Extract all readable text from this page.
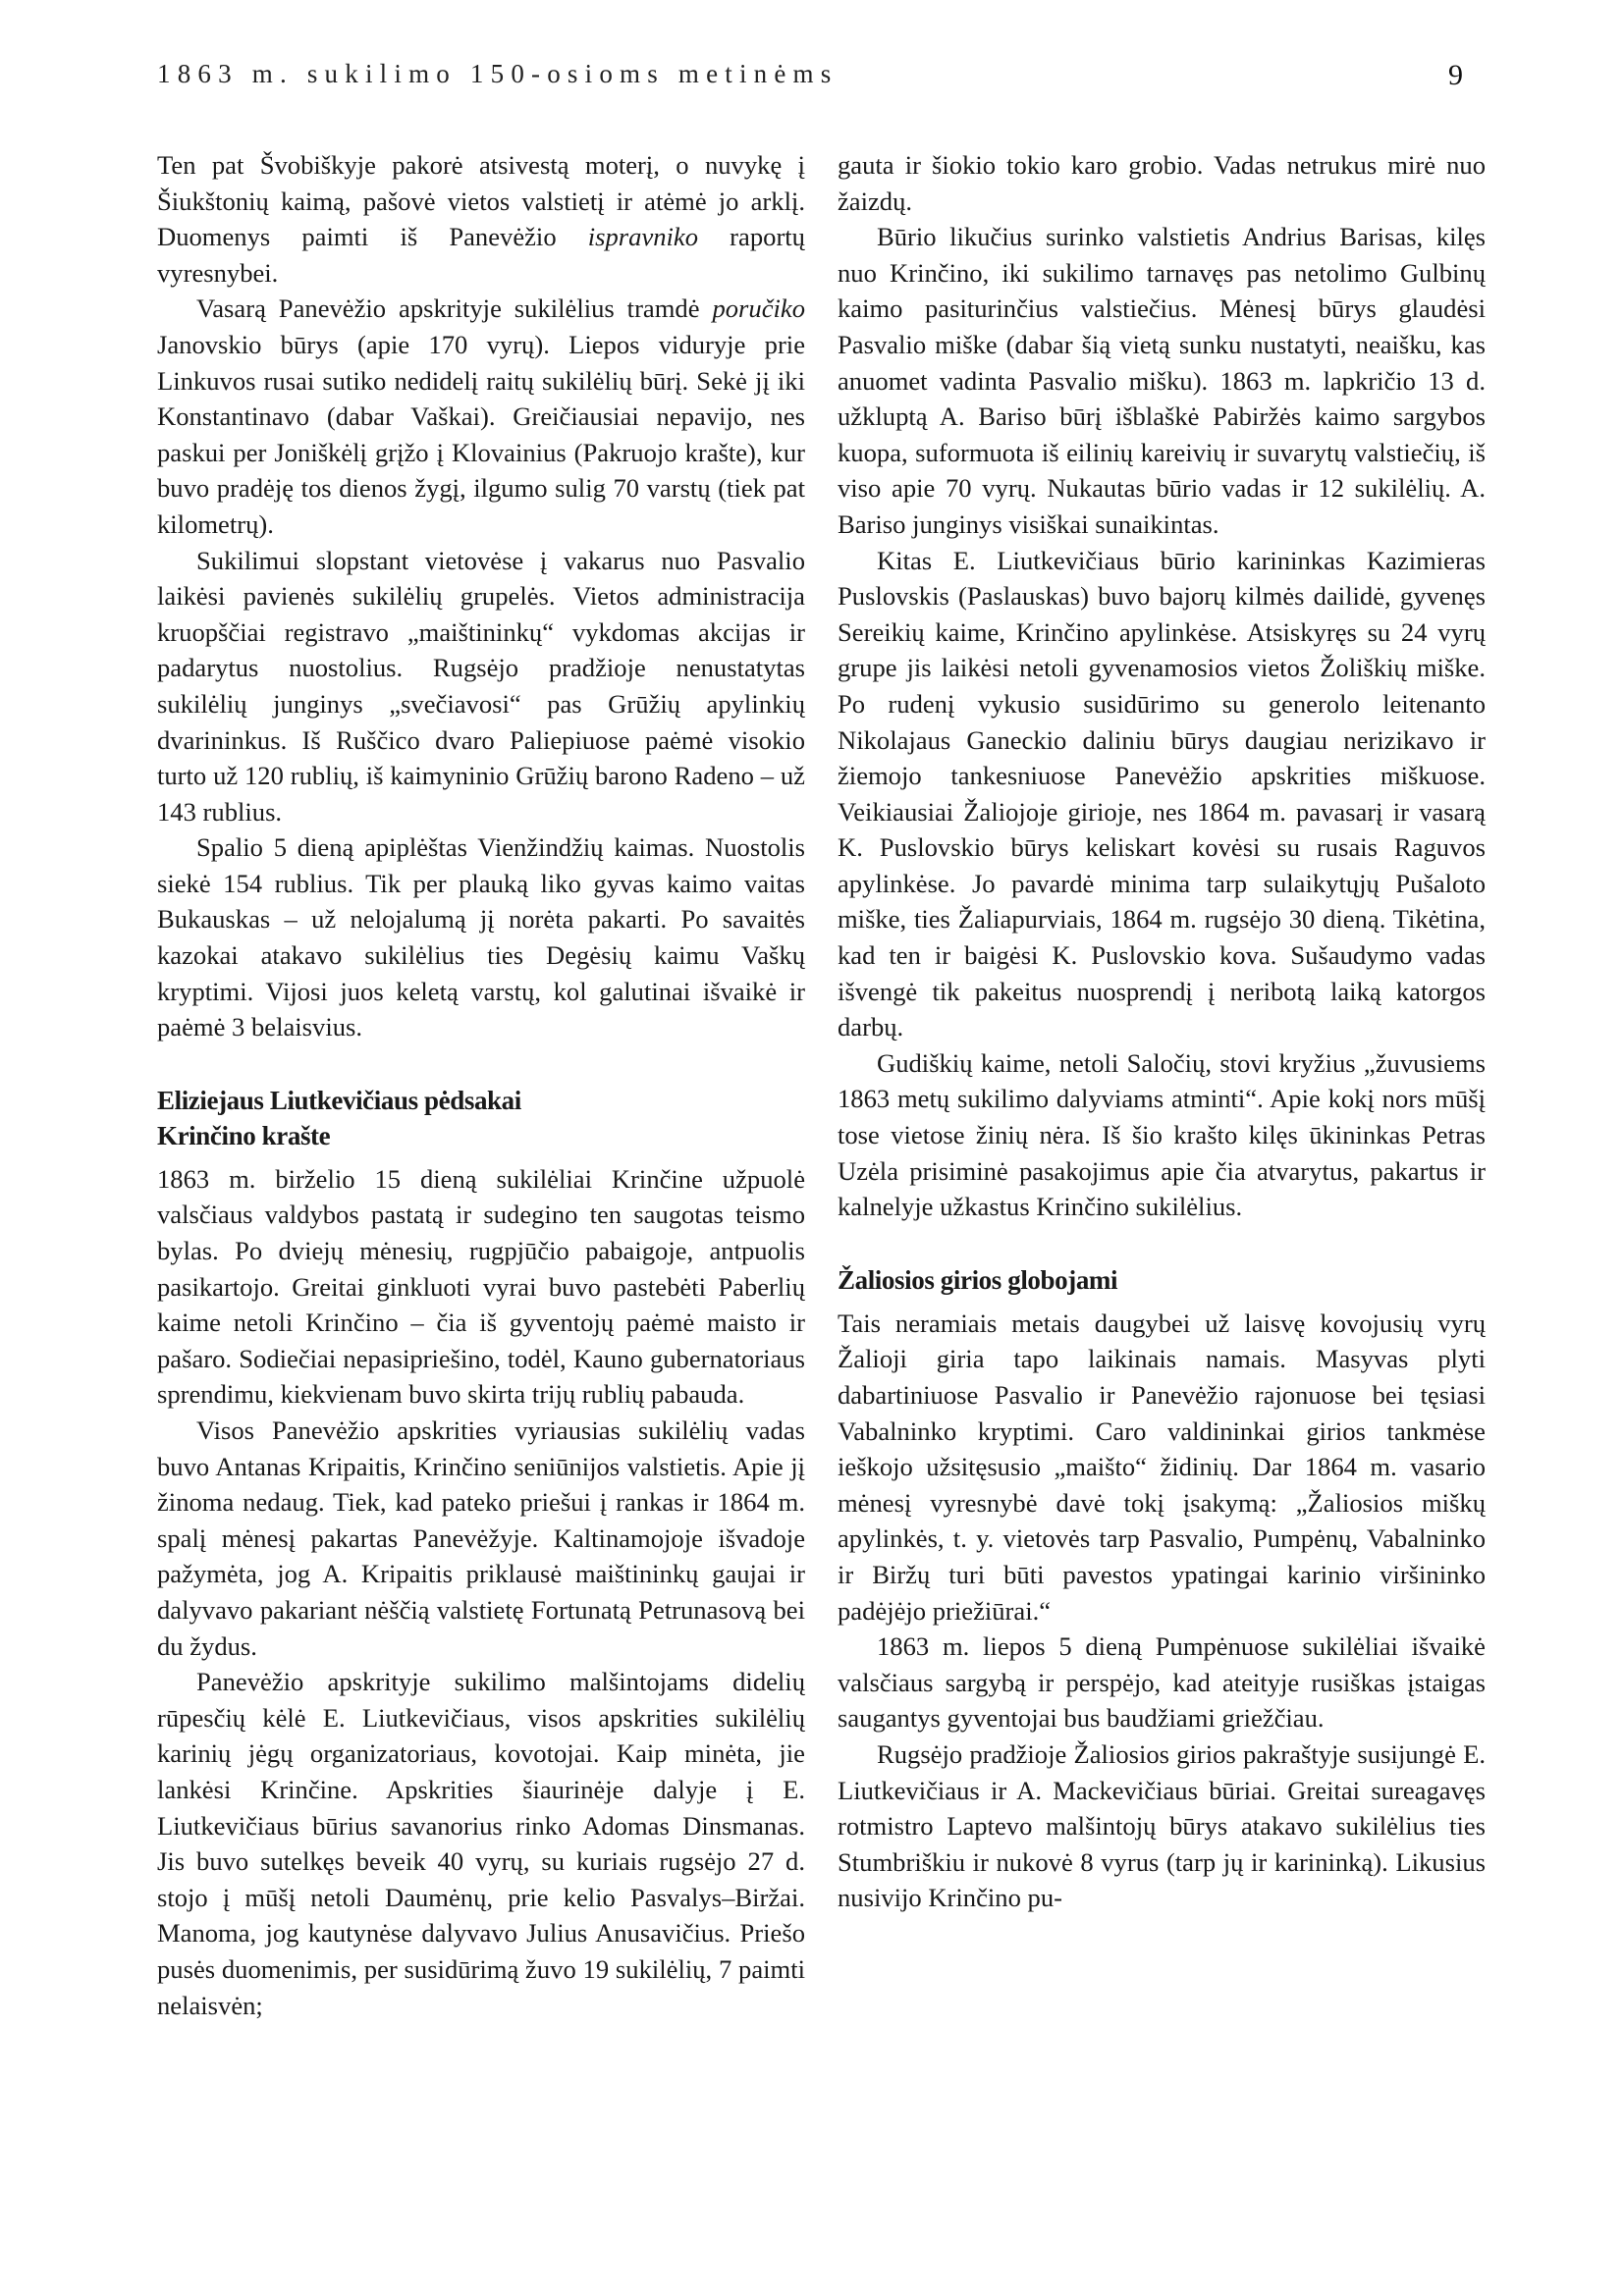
1863 m. sukilimo 150-osioms metinėms	9

Ten pat Švobiškyje pakorė atsivestą moterį, o nuvykę į Šiukštonių kaimą, pašovė vietos valstietį ir atėmė jo arklį. Duomenys paimti iš Panevėžio ispravniko raportų vyresnybei.

Vasarą Panevėžio apskrityje sukilėlius tramdė poručiko Janovskio būrys (apie 170 vyrų). Liepos viduryje prie Linkuvos rusai sutiko nedidelį raitų sukilėlių būrį. Sekė jį iki Konstantinavo (dabar Vaškai). Greičiausiai nepavijo, nes paskui per Joniškėlį grįžo į Klovainius (Pakruojo krašte), kur buvo pradėję tos dienos žygį, ilgumo sulig 70 varstų (tiek pat kilometrų).

Sukilimui slopstant vietovėse į vakarus nuo Pasvalio laikėsi pavienės sukilėlių grupelės. Vietos administracija kruopščiai registravo „maištininkų“ vykdomas akcijas ir padarytus nuostolius. Rugsėjo pradžioje nenustatytas sukilėlių junginys „svečiavosi“ pas Grūžių apylinkių dvarininkus. Iš Ruščico dvaro Paliepiuose paėmė visokio turto už 120 rublių, iš kaimyninio Grūžių barono Radeno – už 143 rublius.

Spalio 5 dieną apiplėštas Vienžindžių kaimas. Nuostolis siekė 154 rublius. Tik per plauką liko gyvas kaimo vaitas Bukauskas – už nelojalumą jį norėta pakarti. Po savaitės kazokai atakavo sukilėlius ties Degėsių kaimu Vaškų kryptimi. Vijosi juos keletą varstų, kol galutinai išvaikė ir paėmė 3 belaisvius.

Eliziejaus Liutkevičiaus pėdsakai
Krinčino krašte

1863 m. birželio 15 dieną sukilėliai Krinčine užpuolė valsčiaus valdybos pastatą ir sudegino ten saugotas teismo bylas. Po dviejų mėnesių, rugpjūčio pabaigoje, antpuolis pasikartojo. Greitai ginkluoti vyrai buvo pastebėti Paberlių kaime netoli Krinčino – čia iš gyventojų paėmė maisto ir pašaro. Sodiečiai nepasipriešino, todėl, Kauno gubernatoriaus sprendimu, kiekvienam buvo skirta trijų rublių pabauda.

Visos Panevėžio apskrities vyriausias sukilėlių vadas buvo Antanas Kripaitis, Krinčino seniūnijos valstietis. Apie jį žinoma nedaug. Tiek, kad pateko priešui į rankas ir 1864 m. spalį mėnesį pakartas Panevėžyje. Kaltinamojoje išvadoje pažymėta, jog A. Kripaitis priklausė maištininkų gaujai ir dalyvavo pakariant nėščią valstietę Fortunatą Petrunasovą bei du žydus.

Panevėžio apskrityje sukilimo malšintojams didelių rūpesčių kėlė E. Liutkevičiaus, visos apskrities sukilėlių karinių jėgų organizatoriaus, kovotojai. Kaip minėta, jie lankėsi Krinčine. Apskrities šiaurinėje dalyje į E. Liutkevičiaus būrius savanorius rinko Adomas Dinsmanas. Jis buvo sutelkęs beveik 40 vyrų, su kuriais rugsėjo 27 d. stojo į mūšį netoli Daumėnų, prie kelio Pasvalys–Biržai. Manoma, jog kautynėse dalyvavo Julius Anusavičius. Priešo pusės duomenimis, per susidūrimą žuvo 19 sukilėlių, 7 paimti nelaisvėn;

gauta ir šiokio tokio karo grobio. Vadas netrukus mirė nuo žaizdų.

Būrio likučius surinko valstietis Andrius Barisas, kilęs nuo Krinčino, iki sukilimo tarnavęs pas netolimo Gulbinų kaimo pasiturinčius valstiečius. Mėnesį būrys glaudėsi Pasvalio miške (dabar šią vietą sunku nustatyti, neaišku, kas anuomet vadinta Pasvalio mišku). 1863 m. lapkričio 13 d. užkluptą A. Bariso būrį išblaškė Pabiržės kaimo sargybos kuopa, suformuota iš eilinių kareivių ir suvarytų valstiečių, iš viso apie 70 vyrų. Nukautas būrio vadas ir 12 sukilėlių. A. Bariso junginys visiškai sunaikintas.

Kitas E. Liutkevičiaus būrio karininkas Kazimieras Puslovskis (Paslauskas) buvo bajorų kilmės dailidė, gyvenęs Sereikių kaime, Krinčino apylinkėse. Atsiskyręs su 24 vyrų grupe jis laikėsi netoli gyvenamosios vietos Žoliškių miške. Po rudenį vykusio susidūrimo su generolo leitenanto Nikolajaus Ganeckio daliniu būrys daugiau nerizikavo ir žiemojo tankesniuose Panevėžio apskrities miškuose. Veikiausiai Žaliojoje girioje, nes 1864 m. pavasarį ir vasarą K. Puslovskio būrys keliskart kovėsi su rusais Raguvos apylinkėse. Jo pavardė minima tarp sulaikytųjų Pušaloto miške, ties Žaliapurviais, 1864 m. rugsėjo 30 dieną. Tikėtina, kad ten ir baigėsi K. Puslovskio kova. Sušaudymo vadas išvengė tik pakeitus nuosprendį į neribotą laiką katorgos darbų.

Gudiškių kaime, netoli Saločių, stovi kryžius „žuvusiems 1863 metų sukilimo dalyviams atminti“. Apie kokį nors mūšį tose vietose žinių nėra. Iš šio krašto kilęs ūkininkas Petras Uzėla prisiminė pasakojimus apie čia atvarytus, pakartus ir kalnelyje užkastus Krinčino sukilėlius.

Žaliosios girios globojami

Tais neramiais metais daugybei už laisvę kovojusių vyrų Žalioji giria tapo laikinais namais. Masyvas plyti dabartiniuose Pasvalio ir Panevėžio rajonuose bei tęsiasi Vabalninko kryptimi. Caro valdininkai girios tankmėse ieškojo užsitęsusio „maišto“ židinių. Dar 1864 m. vasario mėnesį vyresnybė davė tokį įsakymą: „Žaliosios miškų apylinkės, t. y. vietovės tarp Pasvalio, Pumpėnų, Vabalninko ir Biržų turi būti pavestos ypatingai karinio viršininko padėjėjo priežiūrai.“

1863 m. liepos 5 dieną Pumpėnuose sukilėliai išvaikė valsčiaus sargybą ir perspėjo, kad ateityje rusiškas įstaigas saugantys gyventojai bus baudžiami griežčiau.

Rugsėjo pradžioje Žaliosios girios pakraštyje susijungė E. Liutkevičiaus ir A. Mackevičiaus būriai. Greitai sureagavęs rotmistro Laptevo malšintojų būrys atakavo sukilėlius ties Stumbriškiu ir nukovė 8 vyrus (tarp jų ir karininką). Likusius nusivijo Krinčino pu-
